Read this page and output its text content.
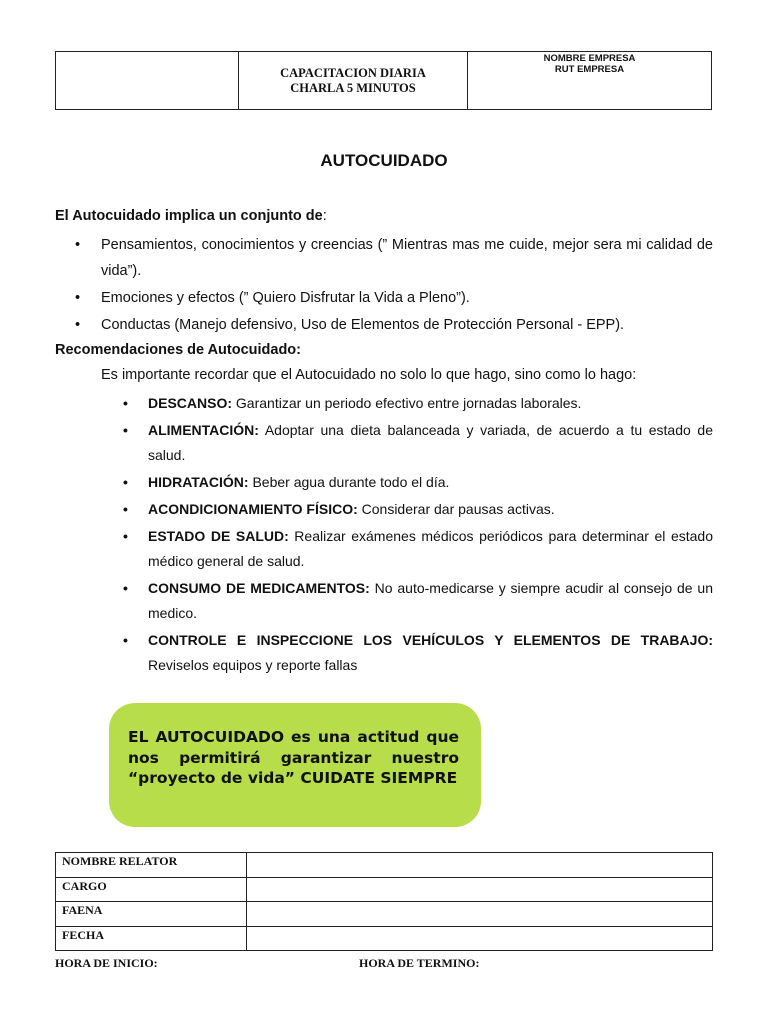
CAPACITACION DIARIA
CHARLA 5 MINUTOS
NOMBRE EMPRESA
RUT EMPRESA
AUTOCUIDADO
El Autocuidado implica un conjunto de:
• Pensamientos, conocimientos y creencias (” Mientras mas me cuide, mejor sera mi calidad de vida”).
• Emociones y efectos (” Quiero Disfrutar la Vida a Pleno”).
• Conductas (Manejo defensivo, Uso de Elementos de Protección Personal - EPP).
Recomendaciones de Autocuidado:
Es importante recordar que el Autocuidado no solo lo que hago, sino como lo hago:
• DESCANSO: Garantizar un periodo efectivo entre jornadas laborales.
• ALIMENTACIÓN: Adoptar una dieta balanceada y variada, de acuerdo a tu estado de salud.
• HIDRATACIÓN: Beber agua durante todo el día.
• ACONDICIONAMIENTO FÍSICO: Considerar dar pausas activas.
• ESTADO DE SALUD: Realizar exámenes médicos periódicos para determinar el estado médico general de salud.
• CONSUMO DE MEDICAMENTOS: No auto-medicarse y siempre acudir al consejo de un medico.
• CONTROLE E INSPECCIONE LOS VEHÍCULOS Y ELEMENTOS DE TRABAJO: Reviselos equipos y reporte fallas
EL AUTOCUIDADO es una actitud que nos permitirá garantizar nuestro “proyecto de vida” CUIDATE SIEMPRE
NOMBRE RELATOR	
CARGO	
FAENA	
FECHA	
HORA DE INICIO:	HORA DE TERMINO:
